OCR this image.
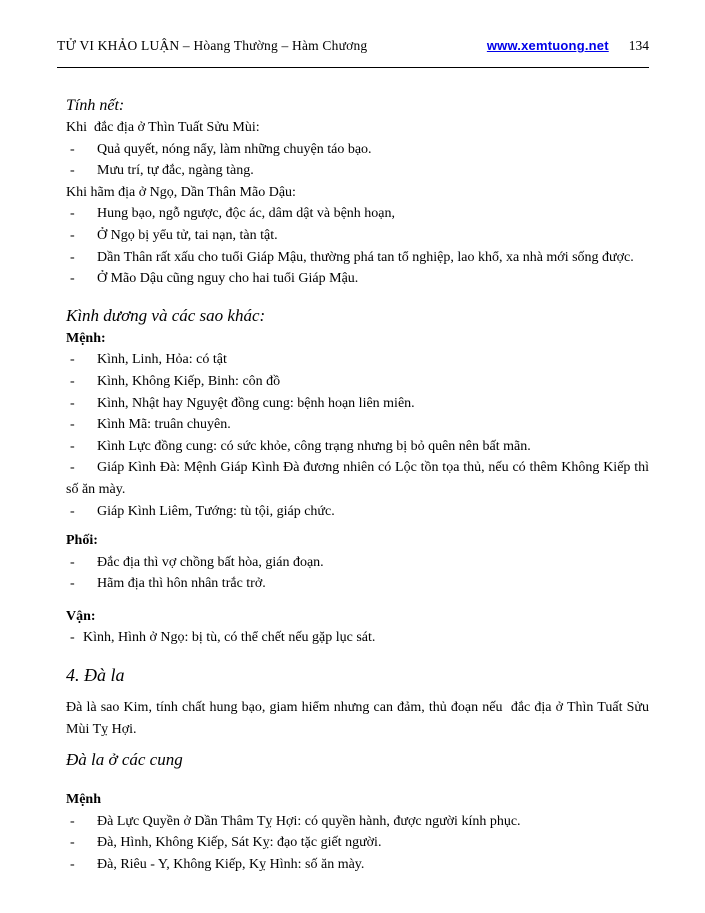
TỬ VI KHẢO LUẬN – Hòang Thường – Hàm Chương	www.xemtuong.net 134

Tính nết:

Khi  đắc địa ở Thìn Tuất Sửu Mùi:

- Quả quyết, nóng nẩy, làm những chuyện táo bạo.

- Mưu trí, tự đắc, ngàng tàng.

Khi hãm địa ở Ngọ, Dần Thân Mão Dậu:

- Hung bạo, ngỗ ngược, độc ác, dâm dật và bệnh hoạn,

- Ở Ngọ bị yểu tử, tai nạn, tàn tật.

- Dần Thân rất xấu cho tuổi Giáp Mậu, thường phá tan tổ nghiệp, lao khổ, xa nhà mới sống được.

- Ở Mão Dậu cũng nguy cho hai tuổi Giáp Mậu.

Kình dương và các sao khác:

Mệnh:

- Kình, Linh, Hỏa: có tật

- Kình, Không Kiếp, Binh: côn đồ

- Kình, Nhật hay Nguyệt đồng cung: bệnh hoạn liên miên.

- Kình Mã: truân chuyên.

- Kình Lực đồng cung: có sức khỏe, công trạng nhưng bị bỏ quên nên bất mãn.

- Giáp Kình Đà: Mệnh Giáp Kình Đà đương nhiên có Lộc tồn tọa thủ, nếu có thêm Không Kiếp thì số ăn mày.

- Giáp Kình Liêm, Tướng: tù tội, giáp chức.

Phối:

- Đắc địa thì vợ chồng bất hòa, gián đoạn.

- Hãm địa thì hôn nhân trắc trở.

Vận:

- Kình, Hình ở Ngọ: bị tù, có thể chết nếu gặp lục sát.

4. Đà la

Đà là sao Kim, tính chất hung bạo, giam hiểm nhưng can đảm, thủ đoạn nếu  đắc địa ở Thìn Tuất Sửu Mùi Tỵ Hợi.

Đà la ở các cung

Mệnh

- Đà Lực Quyền ở Dần Thâm Tỵ Hợi: có quyền hành, được người kính phục.

- Đà, Hình, Không Kiếp, Sát Kỵ: đạo tặc giết người.

- Đà, Riêu - Y, Không Kiếp, Kỵ Hình: số ăn mày.
